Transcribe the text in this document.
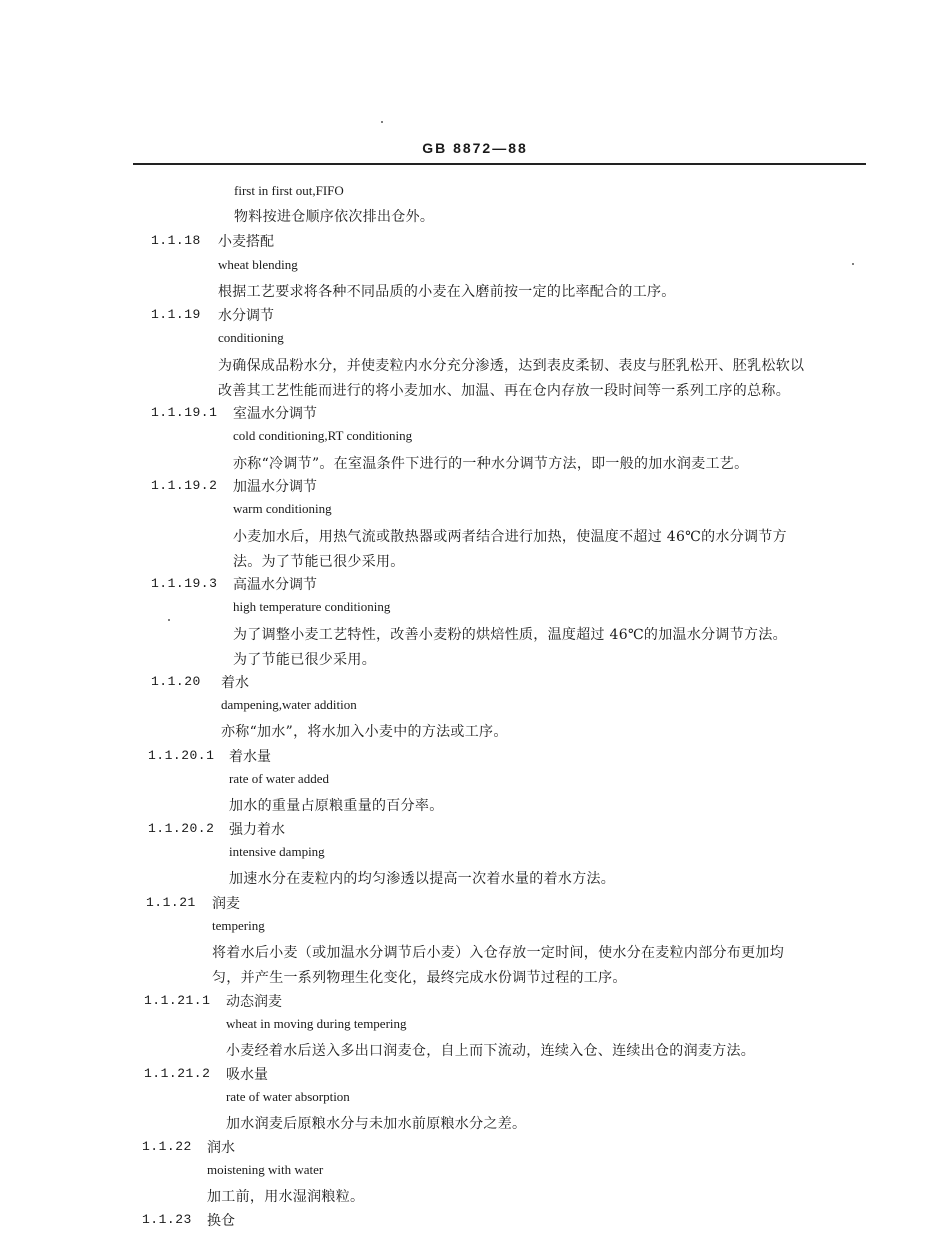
GB 8872—88
first in first out,FIFO
物料按进仓顺序依次排出仓外。
1.1.18 小麦搭配
wheat blending
根据工艺要求将各种不同品质的小麦在入磨前按一定的比率配合的工序。
1.1.19 水分调节
conditioning
为确保成品粉水分，并使麦粒内水分充分渗透，达到表皮柔韧、表皮与胚乳松开、胚乳松软以
改善其工艺性能而进行的将小麦加水、加温、再在仓内存放一段时间等一系列工序的总称。
1.1.19.1 室温水分调节
cold conditioning,RT conditioning
亦称“冷调节”。在室温条件下进行的一种水分调节方法，即一般的加水润麦工艺。
1.1.19.2 加温水分调节
warm conditioning
小麦加水后，用热气流或散热器或两者结合进行加热，使温度不超过 46℃的水分调节方
法。为了节能已很少采用。
1.1.19.3 高温水分调节
high temperature conditioning
为了调整小麦工艺特性，改善小麦粉的烘焙性质，温度超过 46℃的加温水分调节方法。
为了节能已很少采用。
1.1.20 着水
dampening,water addition
亦称“加水”，将水加入小麦中的方法或工序。
1.1.20.1 着水量
rate of water added
加水的重量占原粮重量的百分率。
1.1.20.2 强力着水
intensive damping
加速水分在麦粒内的均匀渗透以提高一次着水量的着水方法。
1.1.21 润麦
tempering
将着水后小麦（或加温水分调节后小麦）入仓存放一定时间，使水分在麦粒内部分布更加均
匀，并产生一系列物理生化变化，最终完成水份调节过程的工序。
1.1.21.1 动态润麦
wheat in moving during tempering
小麦经着水后送入多出口润麦仓，自上而下流动，连续入仓、连续出仓的润麦方法。
1.1.21.2 吸水量
rate of water absorption
加水润麦后原粮水分与未加水前原粮水分之差。
1.1.22 润水
moistening with water
加工前，用水湿润粮粒。
1.1.23 换仓
